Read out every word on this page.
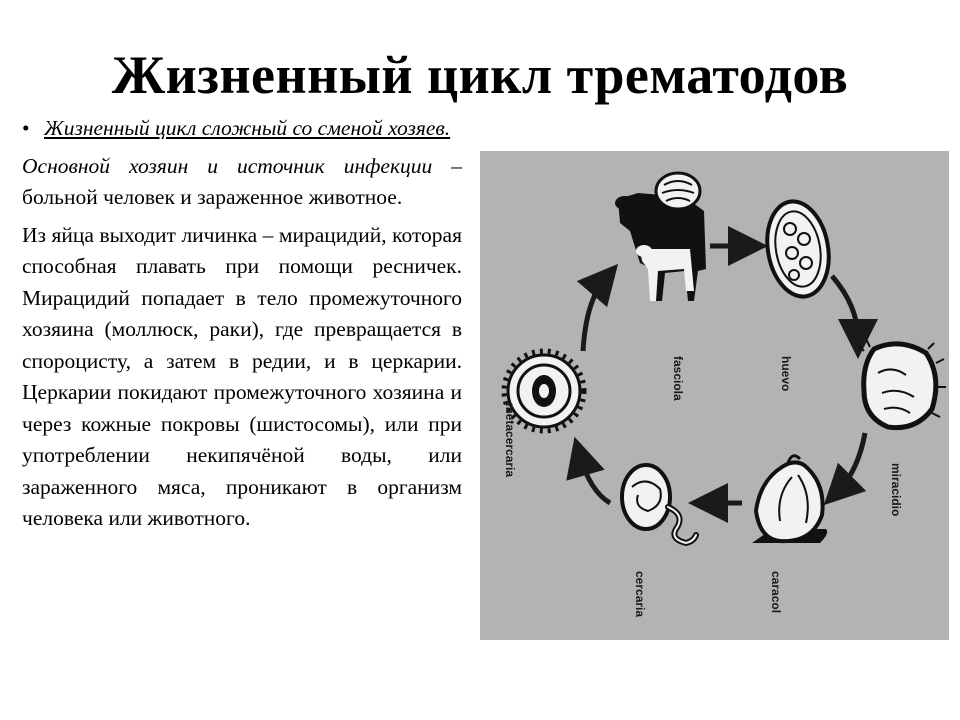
Жизненный цикл трематодов
• Жизненный цикл сложный со сменой хозяев.
Основной хозяин и источник инфекции – больной человек и зараженное животное.
Из яйца выходит личинка – мирацидий, которая способная плавать при помощи ресничек. Мирацидий попадает в тело промежуточного хозяина (моллюск, раки), где превращается в спороцисту, а затем в редии, и в церкарии. Церкарии покидают промежуточного хозяина и через кожные покровы (шистосомы), или при употреблении некипячёной воды, или зараженного мяса, проникают в организм человека или животного.
fasciola	huevo
miracidio
caracol
cercaria
metacercaria
